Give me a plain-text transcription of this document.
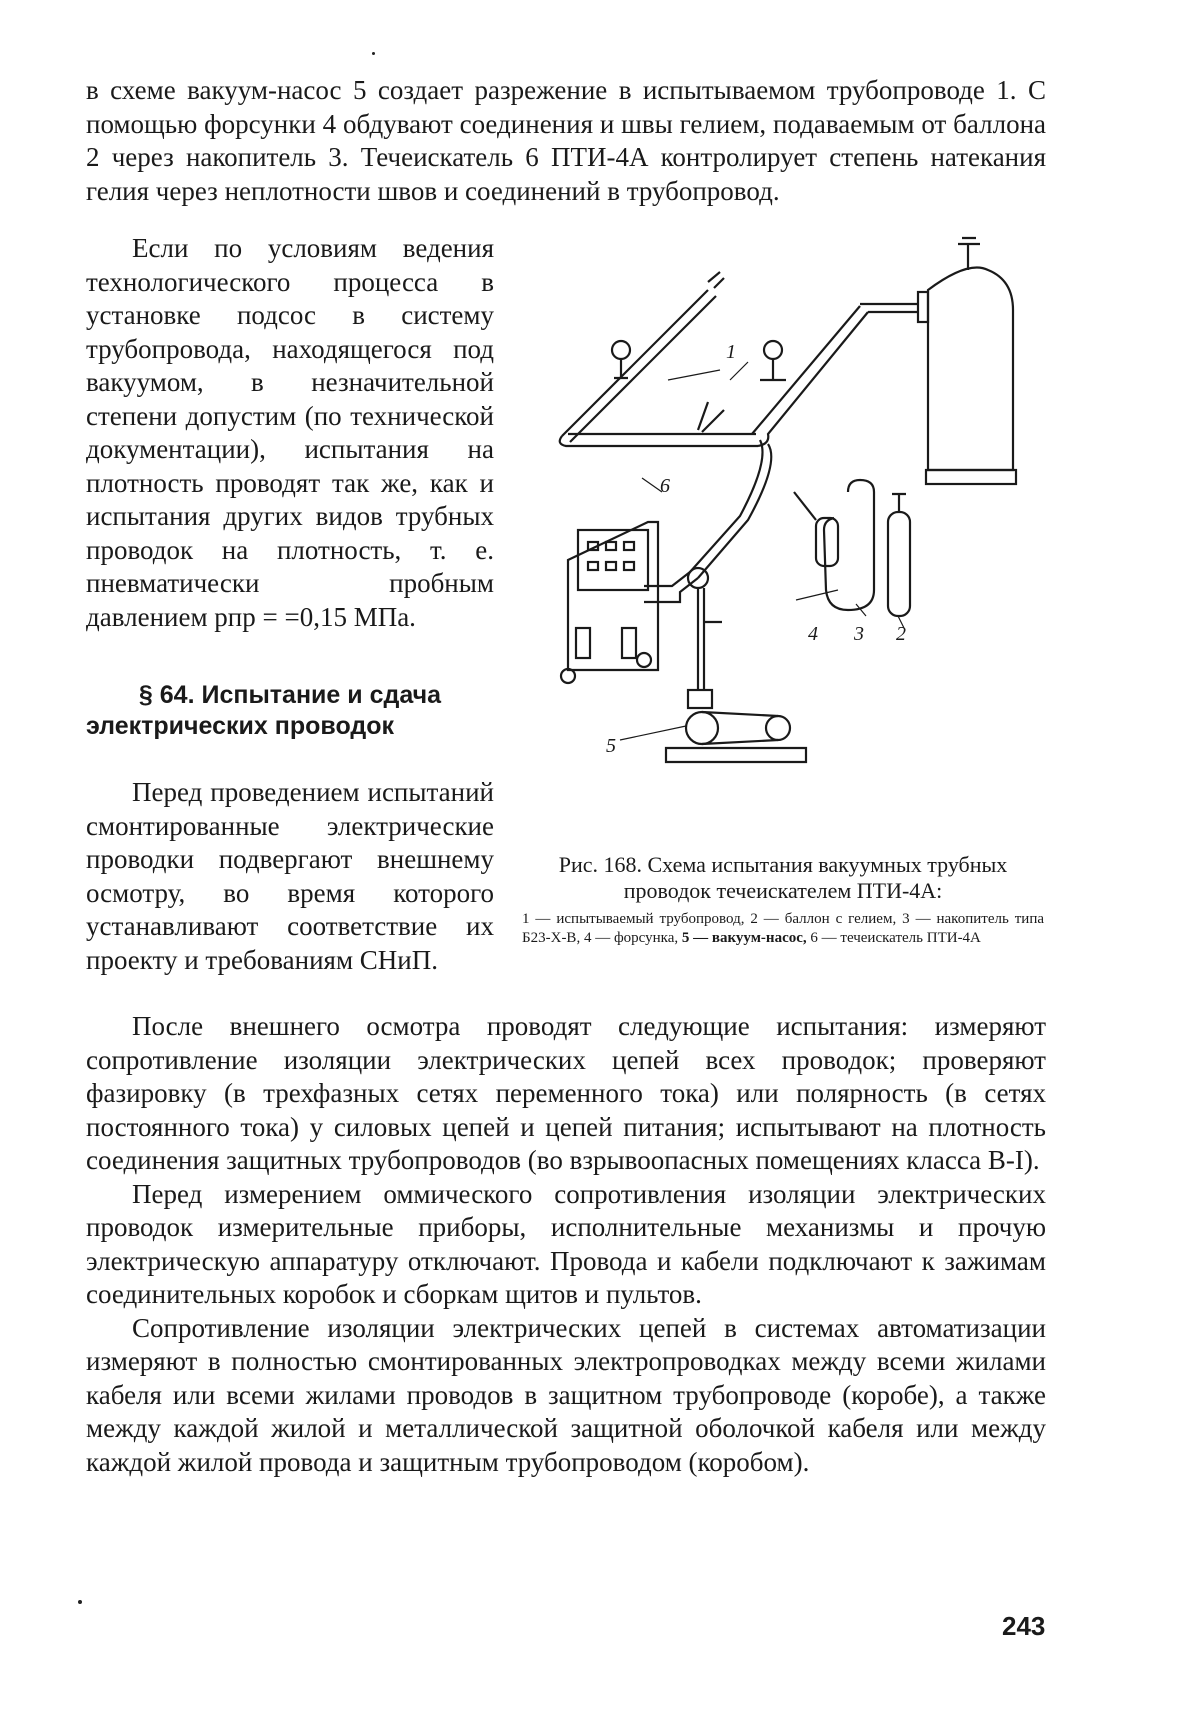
в схеме вакуум-насос 5 создает разрежение в испытываемом трубопроводе 1. С помощью форсунки 4 обдувают соединения и швы гелием, подаваемым от баллона 2 через накопитель 3. Течеискатель 6 ПТИ-4А контролирует степень натекания гелия через неплотности швов и соединений в трубопровод.

Если по условиям ведения технологического процесса в установке подсос в систему трубопровода, находящегося под вакуумом, в незначительной степени допустим (по технической документации), испытания на плотность проводят так же, как и испытания других видов трубных проводок на плотность, т. е. пневматически пробным давлением pпр = =0,15 МПа.

§ 64. Испытание и сдача
электрических проводок

Перед проведением испытаний смонтированные электрические проводки подвергают внешнему осмотру, во время которого устанавливают соответствие их проекту и требованиям СНиП.

1
2
3
4
5
6

Рис. 168. Схема испытания вакуумных трубных проводок течеискателем ПТИ-4А:

1 — испытываемый трубопровод, 2 — баллон с гелием, 3 — накопитель типа Б23-Х-В, 4 — форсунка, 5 — вакуум-насос, 6 — течеискатель ПТИ-4А

После внешнего осмотра проводят следующие испытания: измеряют сопротивление изоляции электрических цепей всех проводок; проверяют фазировку (в трехфазных сетях переменного тока) или полярность (в сетях постоянного тока) у силовых цепей и цепей питания; испытывают на плотность соединения защитных трубопроводов (во взрывоопасных помещениях класса В-I).

Перед измерением оммического сопротивления изоляции электрических проводок измерительные приборы, исполнительные механизмы и прочую электрическую аппаратуру отключают. Провода и кабели подключают к зажимам соединительных коробок и сборкам щитов и пультов.

Сопротивление изоляции электрических цепей в системах автоматизации измеряют в полностью смонтированных электропроводках между всеми жилами кабеля или всеми жилами проводов в защитном трубопроводе (коробе), а также между каждой жилой и металлической защитной оболочкой кабеля или между каждой жилой провода и защитным трубопроводом (коробом).

243
